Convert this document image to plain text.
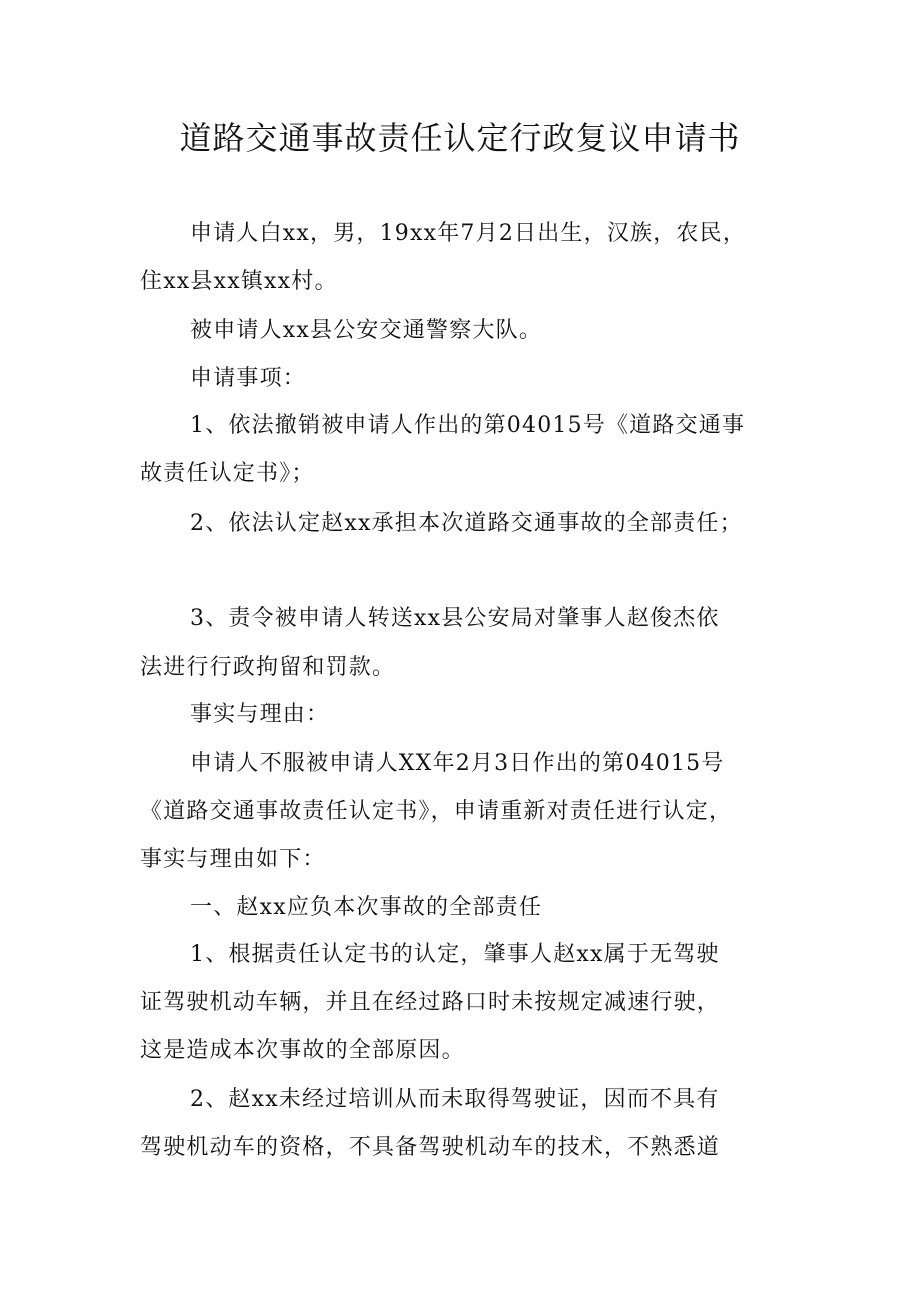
道路交通事故责任认定行政复议申请书
申请人白xx，男，19xx年7月2日出生，汉族，农民，
住xx县xx镇xx村。
被申请人xx县公安交通警察大队。
申请事项：
1、依法撤销被申请人作出的第04015号《道路交通事
故责任认定书》；
2、依法认定赵xx承担本次道路交通事故的全部责任；
3、责令被申请人转送xx县公安局对肇事人赵俊杰依
法进行行政拘留和罚款。
事实与理由：
申请人不服被申请人XX年2月3日作出的第04015号
《道路交通事故责任认定书》，申请重新对责任进行认定，
事实与理由如下：
一、赵xx应负本次事故的全部责任
1、根据责任认定书的认定，肇事人赵xx属于无驾驶
证驾驶机动车辆，并且在经过路口时未按规定减速行驶，
这是造成本次事故的全部原因。
2、赵xx未经过培训从而未取得驾驶证，因而不具有
驾驶机动车的资格，不具备驾驶机动车的技术，不熟悉道
